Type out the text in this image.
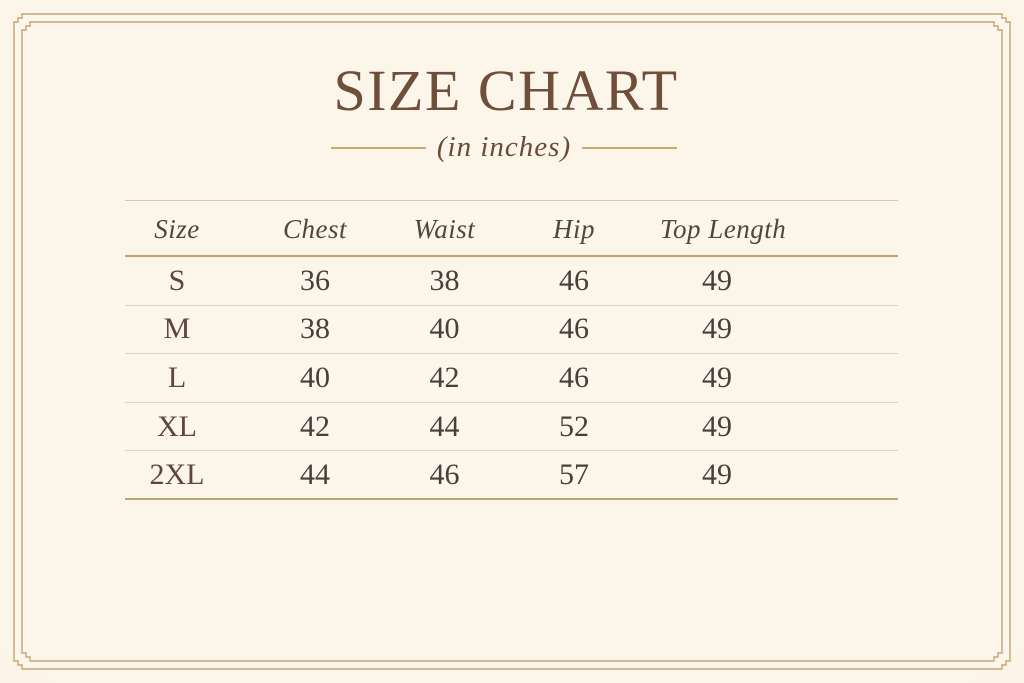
SIZE CHART
(in inches)
Size	Chest	Waist	Hip	Top Length
S	36	38	46	49
M	38	40	46	49
L	40	42	46	49
XL	42	44	52	49
2XL	44	46	57	49
